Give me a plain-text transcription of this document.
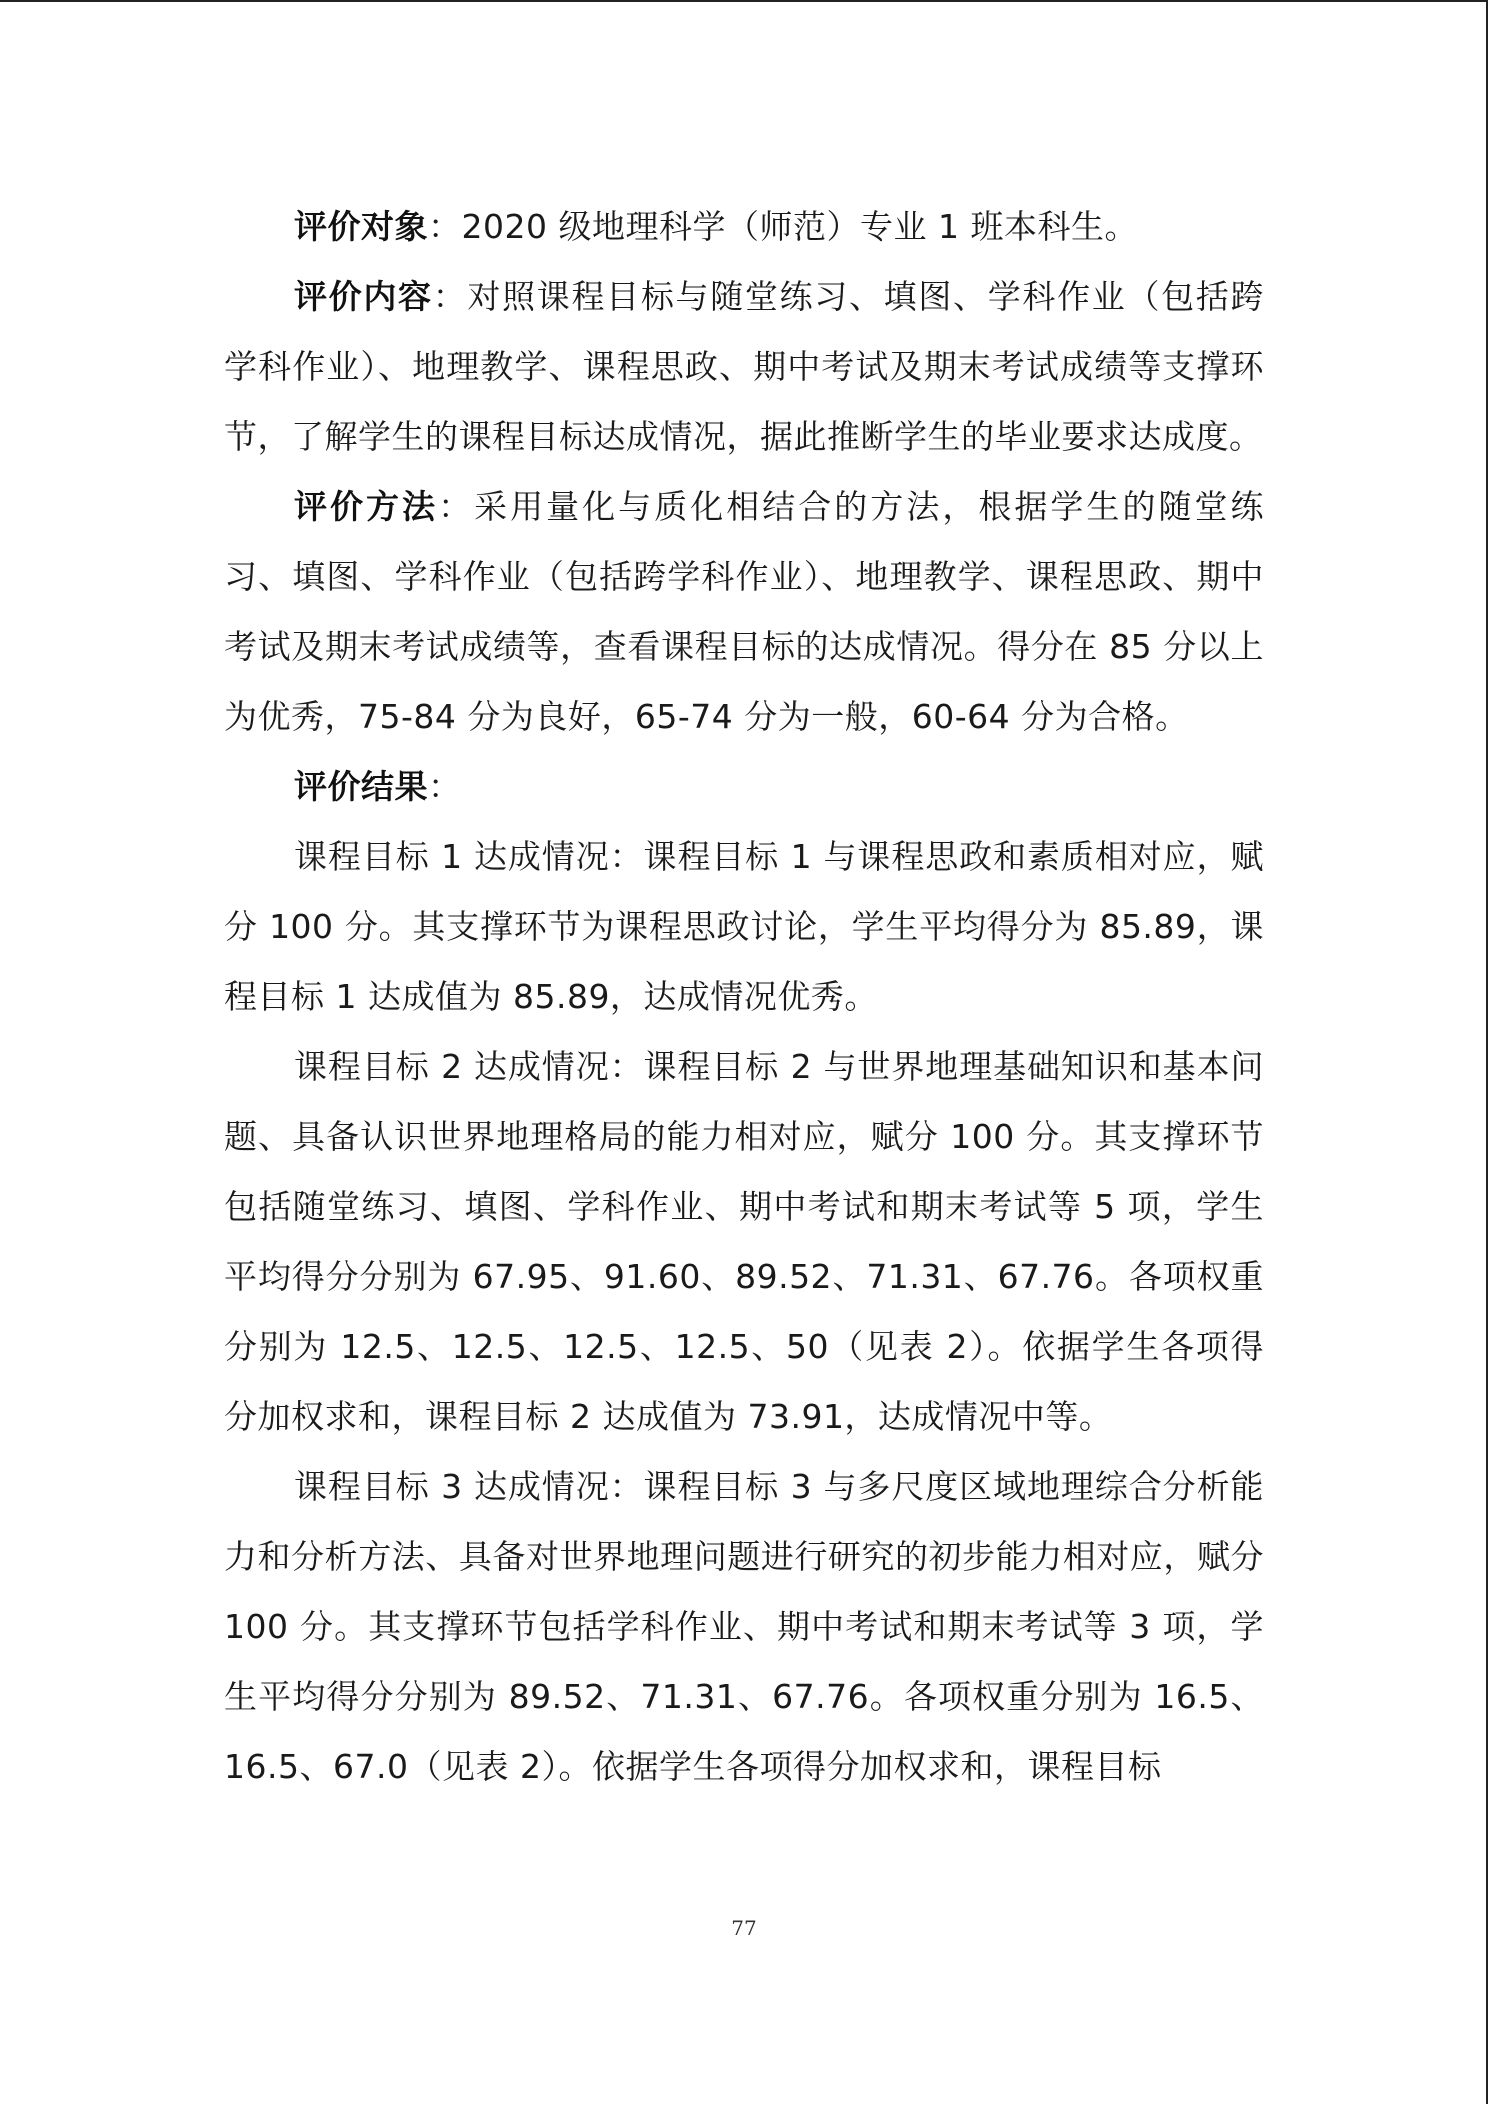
评价对象：2020 级地理科学（师范）专业 1 班本科生。

评价内容：对照课程目标与随堂练习、填图、学科作业（包括跨学科作业）、地理教学、课程思政、期中考试及期末考试成绩等支撑环节，了解学生的课程目标达成情况，据此推断学生的毕业要求达成度。

评价方法：采用量化与质化相结合的方法，根据学生的随堂练习、填图、学科作业（包括跨学科作业）、地理教学、课程思政、期中考试及期末考试成绩等，查看课程目标的达成情况。得分在 85 分以上为优秀，75-84 分为良好，65-74 分为一般，60-64 分为合格。

评价结果：

课程目标 1 达成情况：课程目标 1 与课程思政和素质相对应，赋分 100 分。其支撑环节为课程思政讨论，学生平均得分为 85.89，课程目标 1 达成值为 85.89，达成情况优秀。

课程目标 2 达成情况：课程目标 2 与世界地理基础知识和基本问题、具备认识世界地理格局的能力相对应，赋分 100 分。其支撑环节包括随堂练习、填图、学科作业、期中考试和期末考试等 5 项，学生平均得分分别为 67.95、91.60、89.52、71.31、67.76。各项权重分别为 12.5、12.5、12.5、12.5、50（见表 2）。依据学生各项得分加权求和，课程目标 2 达成值为 73.91，达成情况中等。

课程目标 3 达成情况：课程目标 3 与多尺度区域地理综合分析能力和分析方法、具备对世界地理问题进行研究的初步能力相对应，赋分 100 分。其支撑环节包括学科作业、期中考试和期末考试等 3 项，学生平均得分分别为 89.52、71.31、67.76。各项权重分别为 16.5、16.5、67.0（见表 2）。依据学生各项得分加权求和，课程目标

77
